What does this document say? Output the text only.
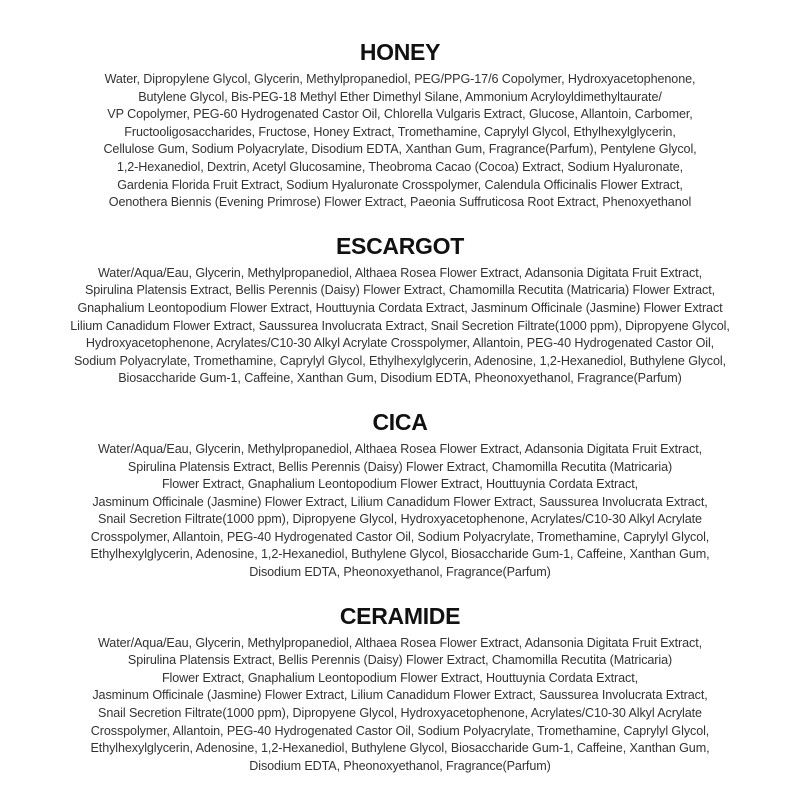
HONEY

Water, Dipropylene Glycol, Glycerin, Methylpropanediol, PEG/PPG-17/6 Copolymer, Hydroxyacetophenone,
Butylene Glycol, Bis-PEG-18 Methyl Ether Dimethyl Silane, Ammonium Acryloyldimethyltaurate/
VP Copolymer, PEG-60 Hydrogenated Castor Oil, Chlorella Vulgaris Extract, Glucose, Allantoin, Carbomer,
Fructooligosaccharides, Fructose, Honey Extract, Tromethamine, Caprylyl Glycol, Ethylhexylglycerin,
Cellulose Gum, Sodium Polyacrylate, Disodium EDTA, Xanthan Gum, Fragrance(Parfum), Pentylene Glycol,
1,2-Hexanediol, Dextrin, Acetyl Glucosamine, Theobroma Cacao (Cocoa) Extract, Sodium Hyaluronate,
Gardenia Florida Fruit Extract, Sodium Hyaluronate Crosspolymer, Calendula Officinalis Flower Extract,
Oenothera Biennis (Evening Primrose) Flower Extract, Paeonia Suffruticosa Root Extract, Phenoxyethanol

ESCARGOT

Water/Aqua/Eau, Glycerin, Methylpropanediol, Althaea Rosea Flower Extract, Adansonia Digitata Fruit Extract,
Spirulina Platensis Extract, Bellis Perennis (Daisy) Flower Extract, Chamomilla Recutita (Matricaria) Flower Extract,
Gnaphalium Leontopodium Flower Extract, Houttuynia Cordata Extract, Jasminum Officinale (Jasmine) Flower Extract
Lilium Canadidum Flower Extract, Saussurea Involucrata Extract, Snail Secretion Filtrate(1000 ppm), Dipropyene Glycol,
Hydroxyacetophenone, Acrylates/C10-30 Alkyl Acrylate Crosspolymer, Allantoin, PEG-40 Hydrogenated Castor Oil,
Sodium Polyacrylate, Tromethamine, Caprylyl Glycol, Ethylhexylglycerin, Adenosine, 1,2-Hexanediol, Buthylene Glycol,
Biosaccharide Gum-1, Caffeine, Xanthan Gum, Disodium EDTA, Pheonoxyethanol, Fragrance(Parfum)

CICA

Water/Aqua/Eau, Glycerin, Methylpropanediol, Althaea Rosea Flower Extract, Adansonia Digitata Fruit Extract,
Spirulina Platensis Extract, Bellis Perennis (Daisy) Flower Extract, Chamomilla Recutita (Matricaria)
Flower Extract, Gnaphalium Leontopodium Flower Extract, Houttuynia Cordata Extract,
Jasminum Officinale (Jasmine) Flower Extract, Lilium Canadidum Flower Extract, Saussurea Involucrata Extract,
Snail Secretion Filtrate(1000 ppm), Dipropyene Glycol, Hydroxyacetophenone, Acrylates/C10-30 Alkyl Acrylate
Crosspolymer, Allantoin, PEG-40 Hydrogenated Castor Oil, Sodium Polyacrylate, Tromethamine, Caprylyl Glycol,
Ethylhexylglycerin, Adenosine, 1,2-Hexanediol, Buthylene Glycol, Biosaccharide Gum-1, Caffeine, Xanthan Gum,
Disodium EDTA, Pheonoxyethanol, Fragrance(Parfum)

CERAMIDE

Water/Aqua/Eau, Glycerin, Methylpropanediol, Althaea Rosea Flower Extract, Adansonia Digitata Fruit Extract,
Spirulina Platensis Extract, Bellis Perennis (Daisy) Flower Extract, Chamomilla Recutita (Matricaria)
Flower Extract, Gnaphalium Leontopodium Flower Extract, Houttuynia Cordata Extract,
Jasminum Officinale (Jasmine) Flower Extract, Lilium Canadidum Flower Extract, Saussurea Involucrata Extract,
Snail Secretion Filtrate(1000 ppm), Dipropyene Glycol, Hydroxyacetophenone, Acrylates/C10-30 Alkyl Acrylate
Crosspolymer, Allantoin, PEG-40 Hydrogenated Castor Oil, Sodium Polyacrylate, Tromethamine, Caprylyl Glycol,
Ethylhexylglycerin, Adenosine, 1,2-Hexanediol, Buthylene Glycol, Biosaccharide Gum-1, Caffeine, Xanthan Gum,
Disodium EDTA, Pheonoxyethanol, Fragrance(Parfum)
